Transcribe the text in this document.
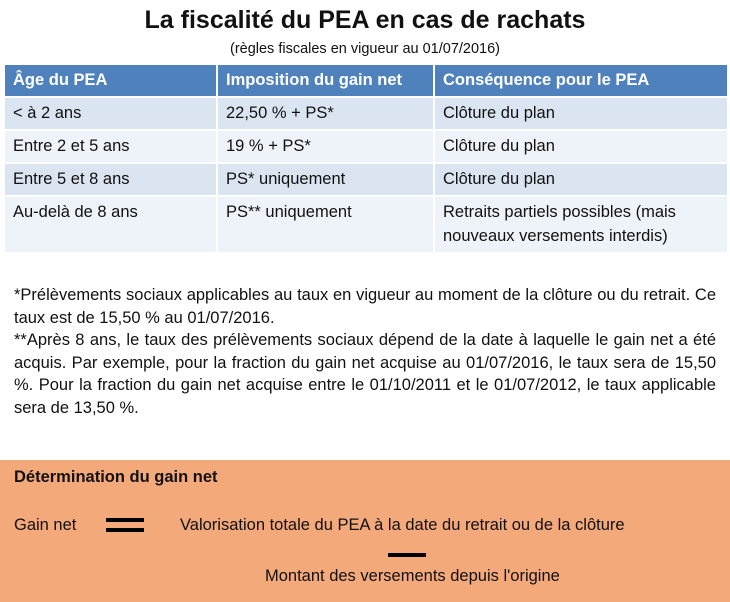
La fiscalité du PEA en cas de rachats
(règles fiscales en vigueur au 01/07/2016)
Âge du PEA	Imposition du gain net	Conséquence pour le PEA
< à 2 ans	22,50 % + PS*	Clôture du plan
Entre 2 et 5 ans	19 % + PS*	Clôture du plan
Entre 5 et 8 ans	PS* uniquement	Clôture du plan
Au-delà de 8 ans	PS** uniquement	Retraits partiels possibles (mais nouveaux versements interdis)

*Prélèvements sociaux applicables au taux en vigueur au moment de la clôture ou du retrait. Ce taux est de 15,50 % au 01/07/2016.

**Après 8 ans, le taux des prélèvements sociaux dépend de la date à laquelle le gain net a été acquis. Par exemple, pour la fraction du gain net acquise au 01/07/2016, le taux sera de 15,50 %. Pour la fraction du gain net acquise entre le 01/10/2011 et le 01/07/2012, le taux applicable sera de 13,50 %.

Détermination du gain net
Gain net	Valorisation totale du PEA à la date du retrait ou de la clôture
Montant des versements depuis l'origine
